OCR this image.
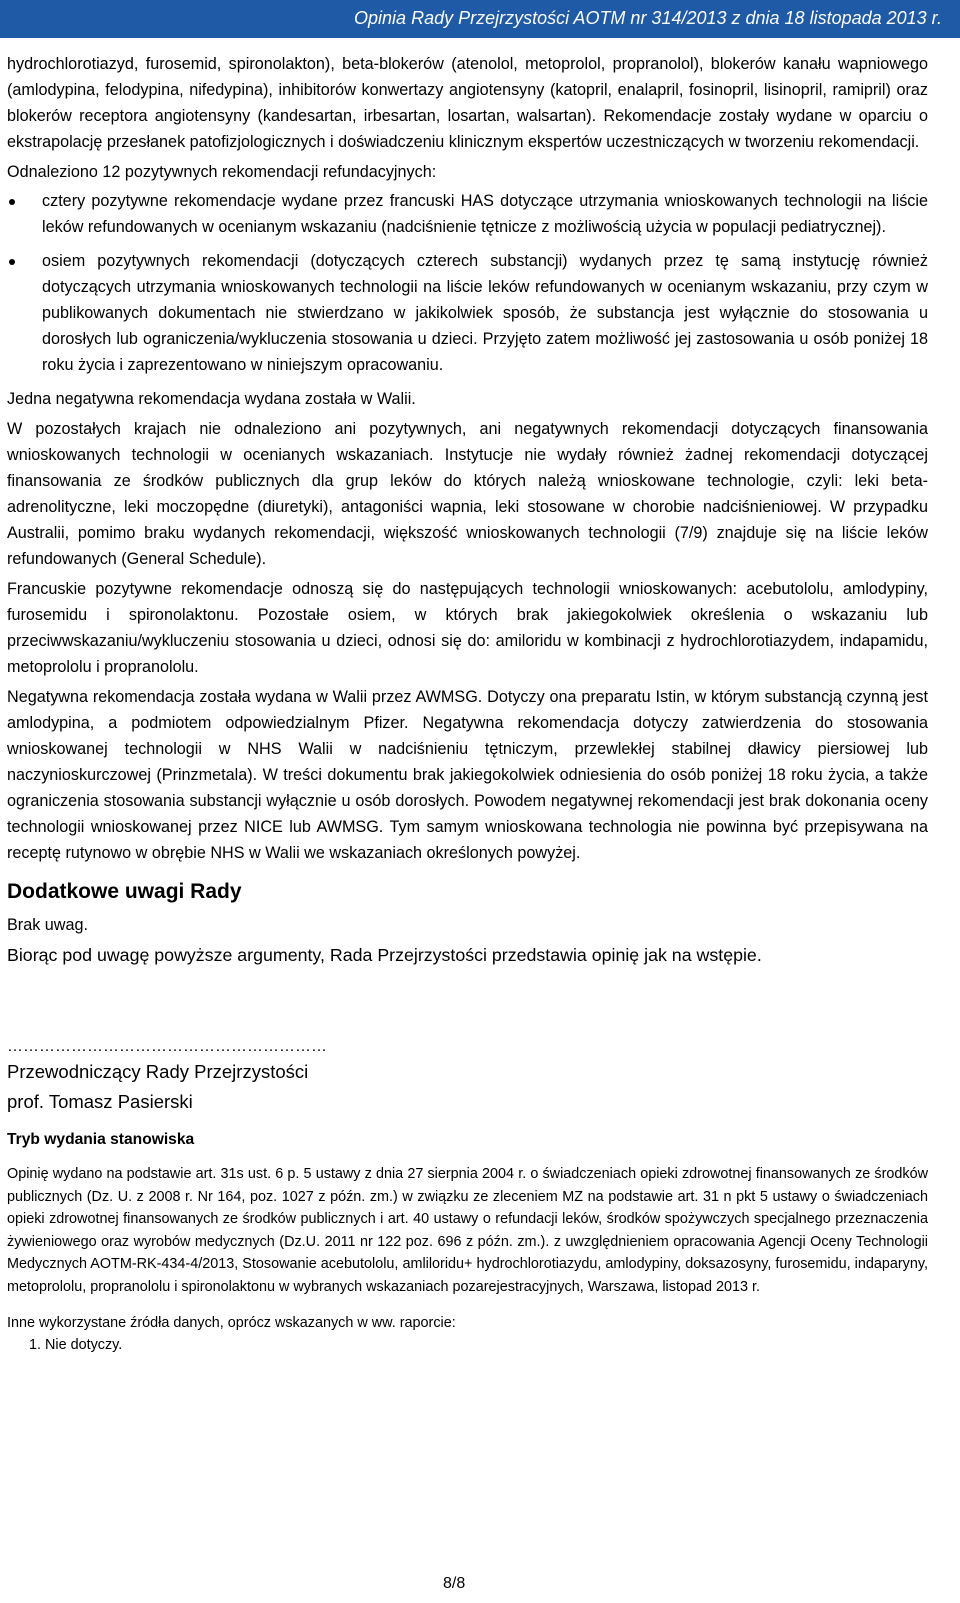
Opinia Rady Przejrzystości AOTM nr 314/2013 z dnia 18 listopada 2013 r.

hydrochlorotiazyd, furosemid, spironolakton), beta-blokerów (atenolol, metoprolol, propranolol), blokerów kanału wapniowego (amlodypina, felodypina, nifedypina), inhibitorów konwertazy angiotensyny (katopril, enalapril, fosinopril, lisinopril, ramipril) oraz blokerów receptora angiotensyny (kandesartan, irbesartan, losartan, walsartan). Rekomendacje zostały wydane w oparciu o ekstrapolację przesłanek patofizjologicznych i doświadczeniu klinicznym ekspertów uczestniczących w tworzeniu rekomendacji.

Odnaleziono 12 pozytywnych rekomendacji refundacyjnych:

cztery pozytywne rekomendacje wydane przez francuski HAS dotyczące utrzymania wnioskowanych technologii na liście leków refundowanych w ocenianym wskazaniu (nadciśnienie tętnicze z możliwością użycia w populacji pediatrycznej).
osiem pozytywnych rekomendacji (dotyczących czterech substancji) wydanych przez tę samą instytucję również dotyczących utrzymania wnioskowanych technologii na liście leków refundowanych w ocenianym wskazaniu, przy czym w publikowanych dokumentach nie stwierdzano w jakikolwiek sposób, że substancja jest wyłącznie do stosowania u dorosłych lub ograniczenia/wykluczenia stosowania u dzieci. Przyjęto zatem możliwość jej zastosowania u osób poniżej 18 roku życia i zaprezentowano w niniejszym opracowaniu.

Jedna negatywna rekomendacja wydana została w Walii.

W pozostałych krajach nie odnaleziono ani pozytywnych, ani negatywnych rekomendacji dotyczących finansowania wnioskowanych technologii w ocenianych wskazaniach. Instytucje nie wydały również żadnej rekomendacji dotyczącej finansowania ze środków publicznych dla grup leków do których należą wnioskowane technologie, czyli: leki beta-adrenolityczne, leki moczopędne (diuretyki), antagoniści wapnia, leki stosowane w chorobie nadciśnieniowej. W przypadku Australii, pomimo braku wydanych rekomendacji, większość wnioskowanych technologii (7/9) znajduje się na liście leków refundowanych (General Schedule).

Francuskie pozytywne rekomendacje odnoszą się do następujących technologii wnioskowanych: acebutololu, amlodypiny, furosemidu i spironolaktonu. Pozostałe osiem, w których brak jakiegokolwiek określenia o wskazaniu lub przeciwwskazaniu/wykluczeniu stosowania u dzieci, odnosi się do: amiloridu w kombinacji z hydrochlorotiazydem, indapamidu, metoprololu i propranololu.

Negatywna rekomendacja została wydana w Walii przez AWMSG. Dotyczy ona preparatu Istin, w którym substancją czynną jest amlodypina, a podmiotem odpowiedzialnym Pfizer. Negatywna rekomendacja dotyczy zatwierdzenia do stosowania wnioskowanej technologii w NHS Walii w nadciśnieniu tętniczym, przewlekłej stabilnej dławicy piersiowej lub naczynioskurczowej (Prinzmetala). W treści dokumentu brak jakiegokolwiek odniesienia do osób poniżej 18 roku życia, a także ograniczenia stosowania substancji wyłącznie u osób dorosłych. Powodem negatywnej rekomendacji jest brak dokonania oceny technologii wnioskowanej przez NICE lub AWMSG. Tym samym wnioskowana technologia nie powinna być przepisywana na receptę rutynowo w obrębie NHS w Walii we wskazaniach określonych powyżej.

Dodatkowe uwagi Rady

Brak uwag.

Biorąc pod uwagę powyższe argumenty, Rada Przejrzystości przedstawia opinię jak na wstępie.

……………………………………………………
Przewodniczący Rady Przejrzystości
prof. Tomasz Pasierski
Tryb wydania stanowiska

Opinię wydano na podstawie art. 31s ust. 6 p. 5 ustawy z dnia 27 sierpnia 2004 r. o świadczeniach opieki zdrowotnej finansowanych ze środków publicznych (Dz. U. z 2008 r. Nr 164, poz. 1027 z późn. zm.) w związku ze zleceniem MZ na podstawie art. 31 n pkt 5 ustawy o świadczeniach opieki zdrowotnej finansowanych ze środków publicznych i art. 40 ustawy o refundacji leków, środków spożywczych specjalnego przeznaczenia żywieniowego oraz wyrobów medycznych (Dz.U. 2011 nr 122 poz. 696 z późn. zm.). z uwzględnieniem opracowania Agencji Oceny Technologii Medycznych AOTM-RK-434-4/2013, Stosowanie acebutololu, amliloridu+ hydrochlorotiazydu, amlodypiny, doksazosyny, furosemidu, indaparyny, metoprololu, propranololu i spironolaktonu w wybranych wskazaniach pozarejestracyjnych, Warszawa, listopad 2013 r.

Inne wykorzystane źródła danych, oprócz wskazanych w ww. raporcie:
1. Nie dotyczy.
8/8
